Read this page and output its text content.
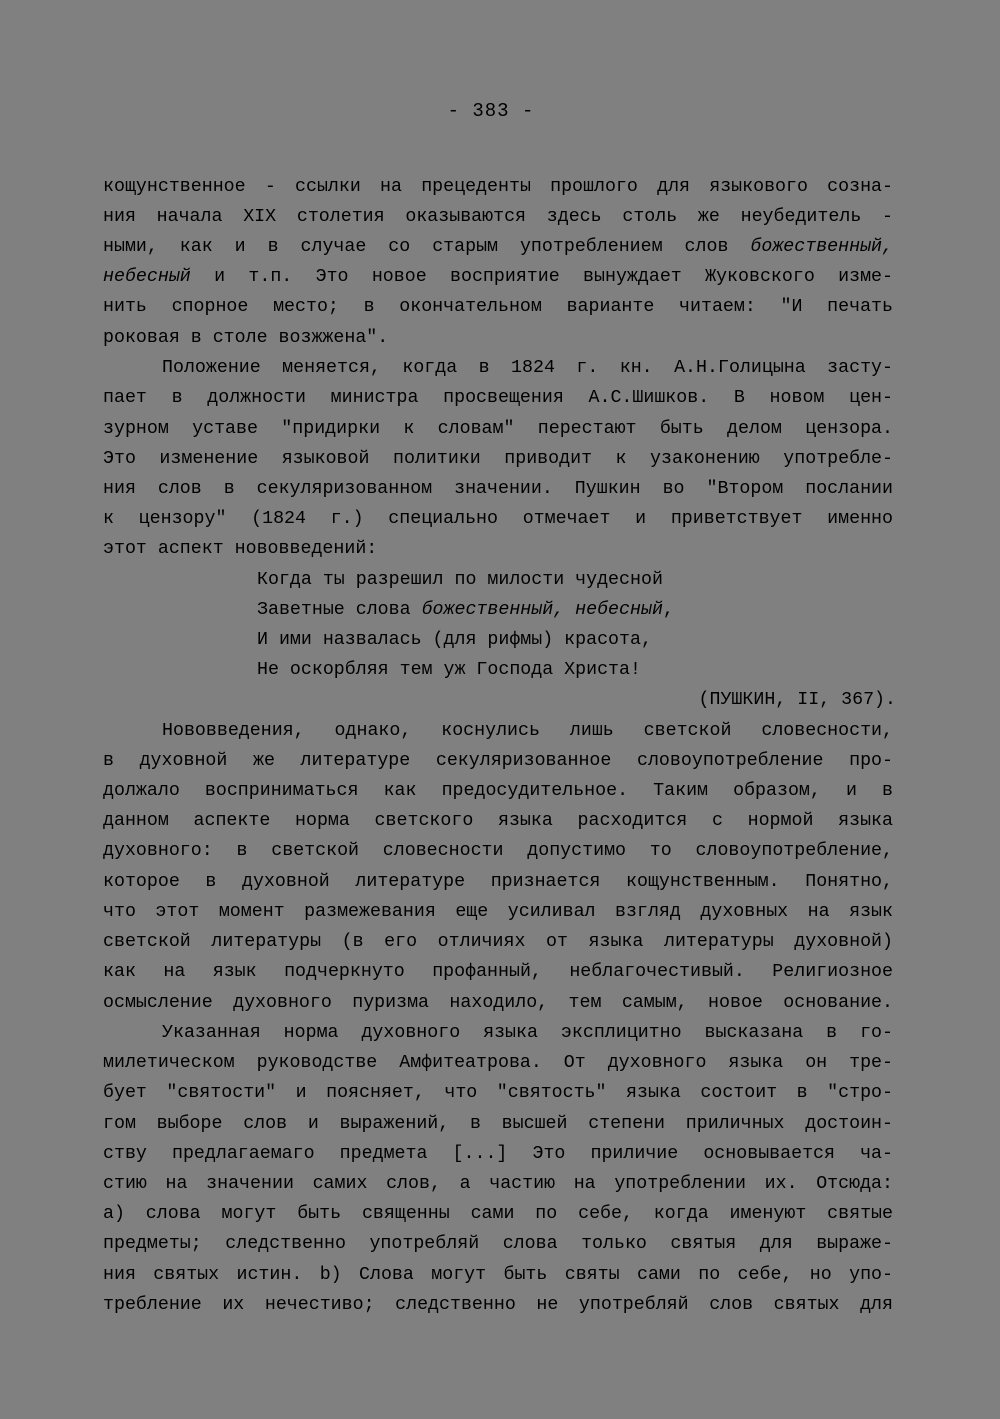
- 383 -
кощунственное - ссылки на прецеденты прошлого для языкового созна-
ния начала XIX столетия оказываются здесь столь же неубедитель -
ными, как и в случае со старым употреблением слов божественный,
небесный и т.п. Это новое восприятие вынуждает Жуковского изме-
нить спорное место; в окончательном варианте читаем: "И печать
роковая в столе возжжена".
Положение меняется, когда в 1824 г. кн. А.Н.Голицына засту-
пает в должности министра просвещения А.С.Шишков. В новом цен-
зурном уставе "придирки к словам" перестают быть делом цензора.
Это изменение языковой политики приводит к узаконению употребле-
ния слов в секуляризованном значении. Пушкин во "Втором послании
к цензору" (1824 г.) специально отмечает и приветствует именно
этот аспект нововведений:
Когда ты разрешил по милости чудесной
Заветные слова божественный, небесный,
И ими назвалась (для рифмы) красота,
Не оскорбляя тем уж Господа Христа!
(ПУШКИН, II, 367).
Нововведения, однако, коснулись лишь светской словесности,
в духовной же литературе секуляризованное словоупотребление про-
должало восприниматься как предосудительное. Таким образом, и в
данном аспекте норма светского языка расходится с нормой языка
духовного: в светской словесности допустимо то словоупотребление,
которое в духовной литературе признается кощунственным. Понятно,
что этот момент размежевания еще усиливал взгляд духовных на язык
светской литературы (в его отличиях от языка литературы духовной)
как на язык подчеркнуто профанный, неблагочестивый. Религиозное
осмысление духовного пуризма находило, тем самым, новое основание.
Указанная норма духовного языка эксплицитно высказана в го-
милетическом руководстве Амфитеатрова. От духовного языка он тре-
бует "святости" и поясняет, что "святость" языка состоит в "стро-
гом выборе слов и выражений, в высшей степени приличных достоин-
ству предлагаемаго предмета [...] Это приличие основывается ча-
стию на значении самих слов, а частию на употреблении их. Отсюда:
а) слова могут быть священны сами по себе, когда именуют святые
предметы; следственно употребляй слова только святыя для выраже-
ния святых истин. b) Слова могут быть святы сами по себе, но упо-
требление их нечестиво; следственно не употребляй слов святых для
